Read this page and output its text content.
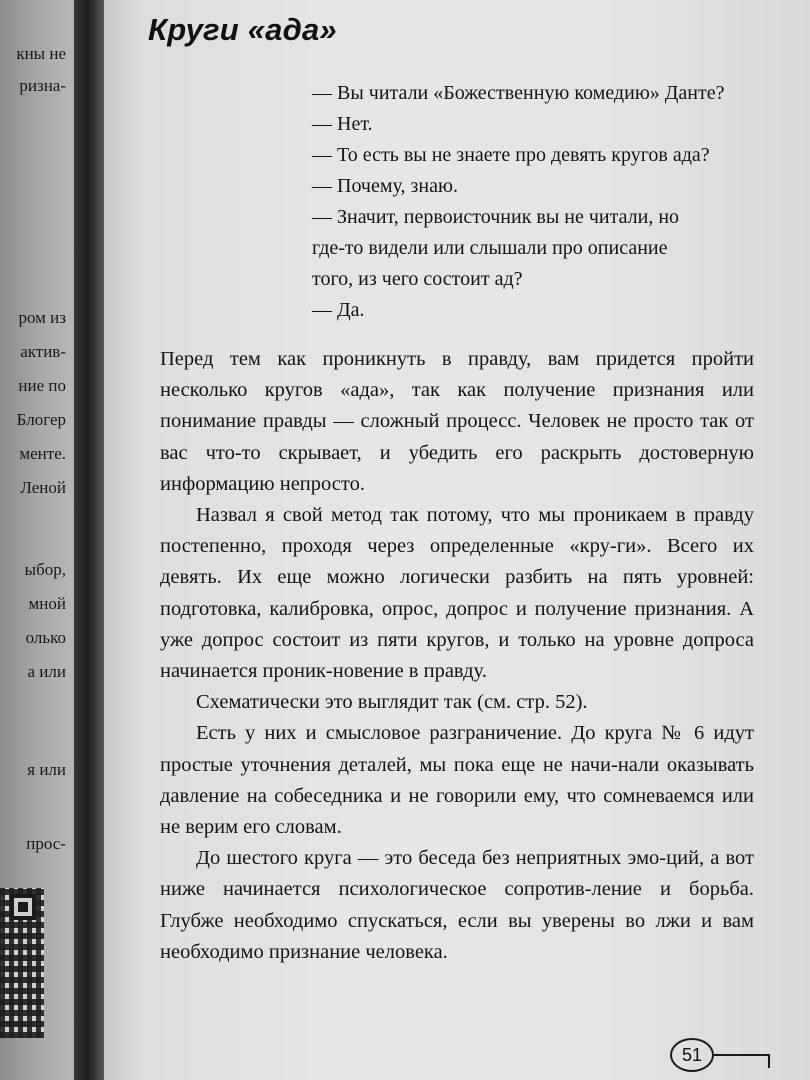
кны не
ризна-
ром из
актив-
ние по
Блогер
менте.
Леной
ыбор,
мной
олько
а или
я или
прос-
Круги «ада»

— Вы читали «Божественную комедию» Данте?

— Нет.

— То есть вы не знаете про девять кругов ада?

— Почему, знаю.

— Значит, первоисточник вы не читали, но

где-то видели или слышали про описание

того, из чего состоит ад?

— Да.

Перед тем как проникнуть в правду, вам придется пройти несколько кругов «ада», так как получение признания или понимание правды — сложный процесс. Человек не просто так от вас что-то скрывает, и убедить его раскрыть достоверную информацию непросто.

Назвал я свой метод так потому, что мы проникаем в правду постепенно, проходя через определенные «кру-ги». Всего их девять. Их еще можно логически разбить на пять уровней: подготовка, калибровка, опрос, допрос и получение признания. А уже допрос состоит из пяти кругов, и только на уровне допроса начинается проник-новение в правду.

Схематически это выглядит так (см. стр. 52).

Есть у них и смысловое разграничение. До круга № 6 идут простые уточнения деталей, мы пока еще не начи-нали оказывать давление на собеседника и не говорили ему, что сомневаемся или не верим его словам.

До шестого круга — это беседа без неприятных эмо-ций, а вот ниже начинается психологическое сопротив-ление и борьба. Глубже необходимо спускаться, если вы уверены во лжи и вам необходимо признание человека.

51
